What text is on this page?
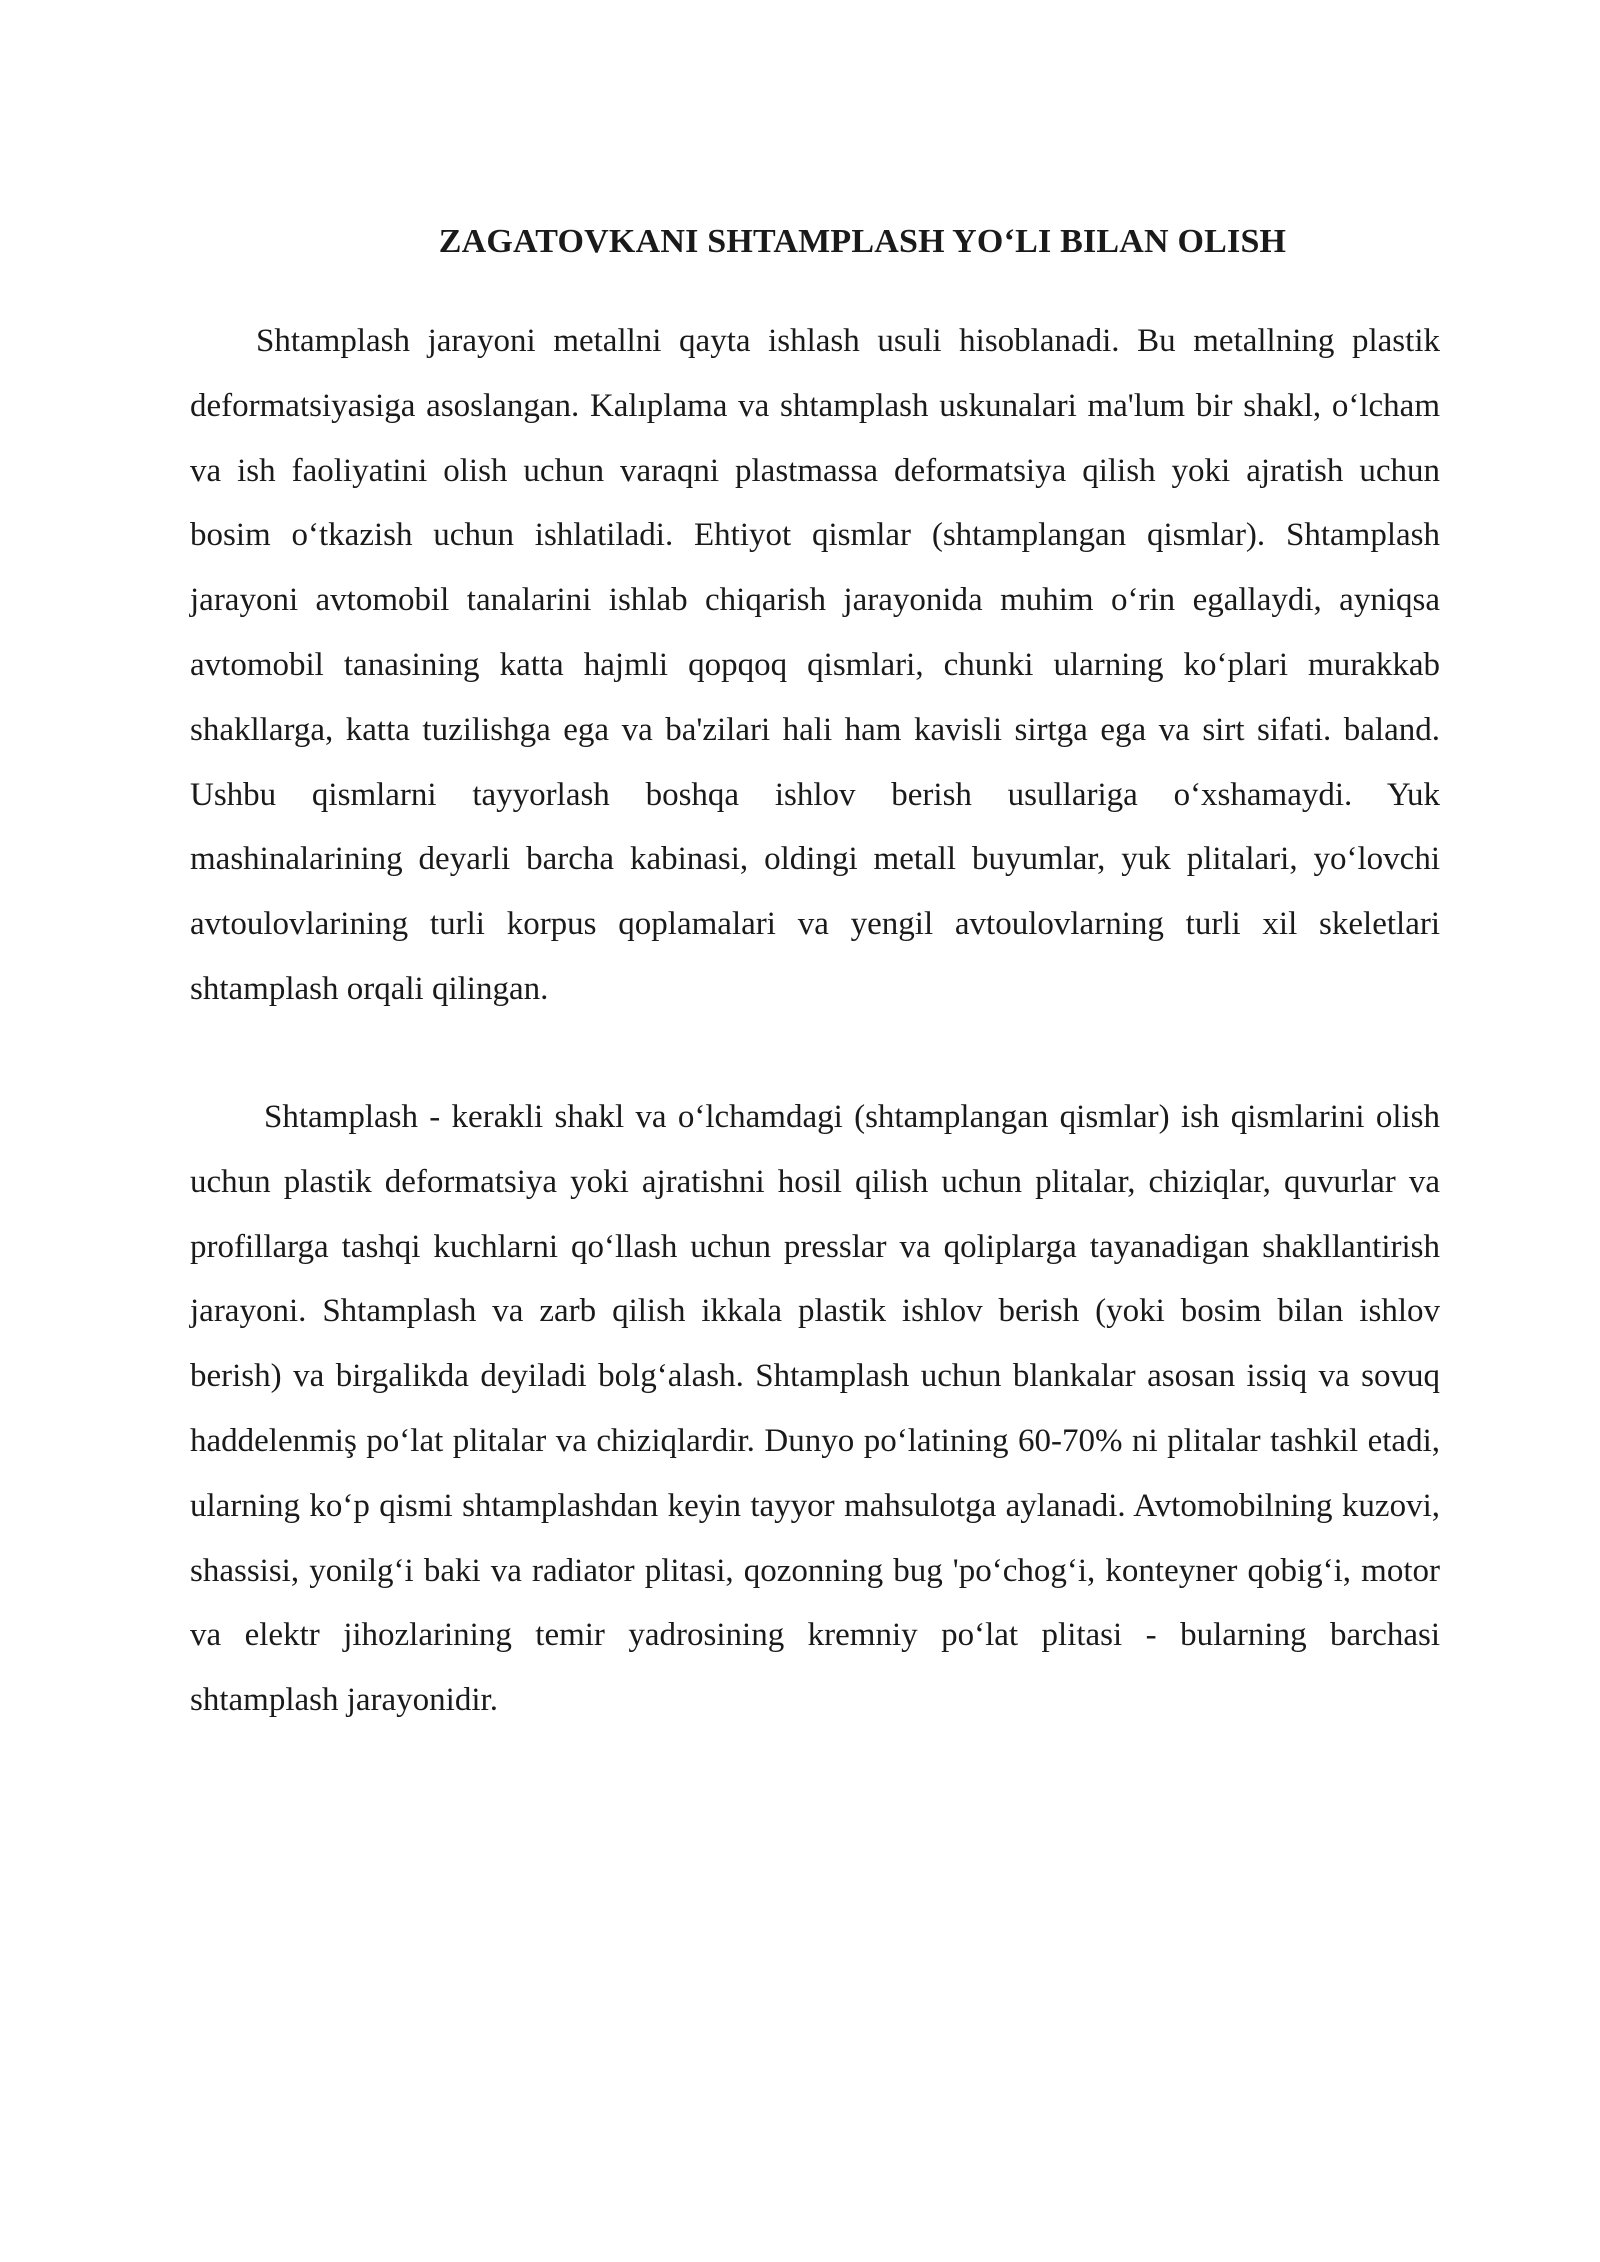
ZAGATOVKANI SHTAMPLASH YO‘LI BILAN OLISH

Shtamplash jarayoni metallni qayta ishlash usuli hisoblanadi. Bu metallning plastik deformatsiyasiga asoslangan. Kalıplama va shtamplash uskunalari ma'lum bir shakl, o‘lcham va ish faoliyatini olish uchun varaqni plastmassa deformatsiya qilish yoki ajratish uchun bosim o‘tkazish uchun ishlatiladi. Ehtiyot qismlar (shtamplangan qismlar). Shtamplash jarayoni avtomobil tanalarini ishlab chiqarish jarayonida muhim o‘rin egallaydi, ayniqsa avtomobil tanasining katta hajmli qopqoq qismlari, chunki ularning ko‘plari murakkab shakllarga, katta tuzilishga ega va ba'zilari hali ham kavisli sirtga ega va sirt sifati. baland. Ushbu qismlarni tayyorlash boshqa ishlov berish usullariga o‘xshamaydi. Yuk mashinalarining deyarli barcha kabinasi, oldingi metall buyumlar, yuk plitalari, yo‘lovchi avtoulovlarining turli korpus qoplamalari va yengil avtoulovlarning turli xil skeletlari shtamplash orqali qilingan.

Shtamplash - kerakli shakl va o‘lchamdagi (shtamplangan qismlar) ish qismlarini olish uchun plastik deformatsiya yoki ajratishni hosil qilish uchun plitalar, chiziqlar, quvurlar va profillarga tashqi kuchlarni qo‘llash uchun presslar va qoliplarga tayanadigan shakllantirish jarayoni. Shtamplash va zarb qilish ikkala plastik ishlov berish (yoki bosim bilan ishlov berish) va birgalikda deyiladi bolg‘alash. Shtamplash uchun blankalar asosan issiq va sovuq haddelenmiş po‘lat plitalar va chiziqlardir. Dunyo po‘latining 60-70% ni plitalar tashkil etadi, ularning ko‘p qismi shtamplashdan keyin tayyor mahsulotga aylanadi. Avtomobilning kuzovi, shassisi, yonilg‘i baki va radiator plitasi, qozonning bug 'po‘chog‘i, konteyner qobig‘i, motor va elektr jihozlarining temir yadrosining kremniy po‘lat plitasi - bularning barchasi shtamplash jarayonidir.
